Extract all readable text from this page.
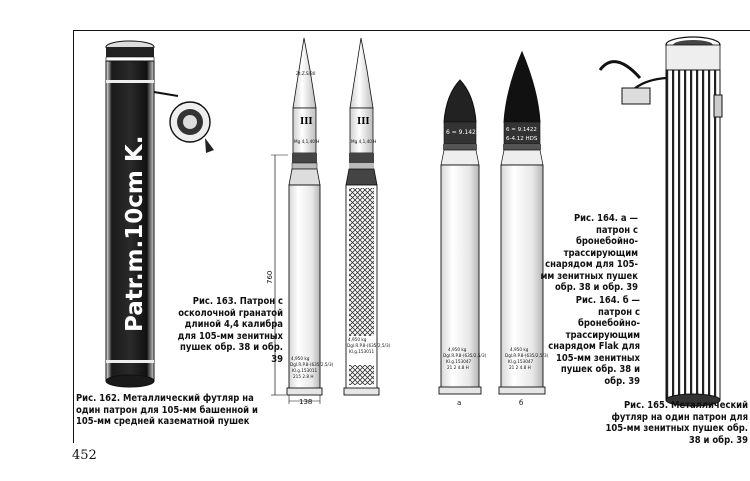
Patr.m.10cm K.
Zt.Z.S/30
III
Mg 4,1,40 H
4,950 kg
Dgl.R.P.8-(635/2,5/3)
Kl.g.153011
215 2.8 H
760
138
III
Mg 4,1,40 H
4,950 kg
Dgl.R.P.8-(635/2,5/3)
Kl.g.153011
6 = 9.1422
4,950 kg
Dgl.R.P.8-(635/2,5/3)
Kl.g.153047
21 2 4.8 H
а
6 = 9.1422
6-4.12 HDS
4,950 kg
Dgl.R.P.8-(635/2,5/3)
Kl.g.153047
21 2 4.8 H
б
Рис. 162. Металлический футляр на один патрон для 105-мм башенной и 105-мм средней казематной пушек
Рис. 163. Патрон с осколочной гранатой длиной 4,4 калибра для 105-мм зенитных пушек обр. 38 и обр. 39
Рис. 164. а — патрон с бронебойно-трассирующим снарядом для 105-мм зенитных пушек обр. 38 и обр. 39
Рис. 164. б — патрон с бронебойно-трассирующим снарядом Flak для 105-мм зенитных пушек обр. 38 и обр. 39
Рис. 165. Металлический футляр на один патрон для 105-мм зенитных пушек обр. 38 и обр. 39
452
